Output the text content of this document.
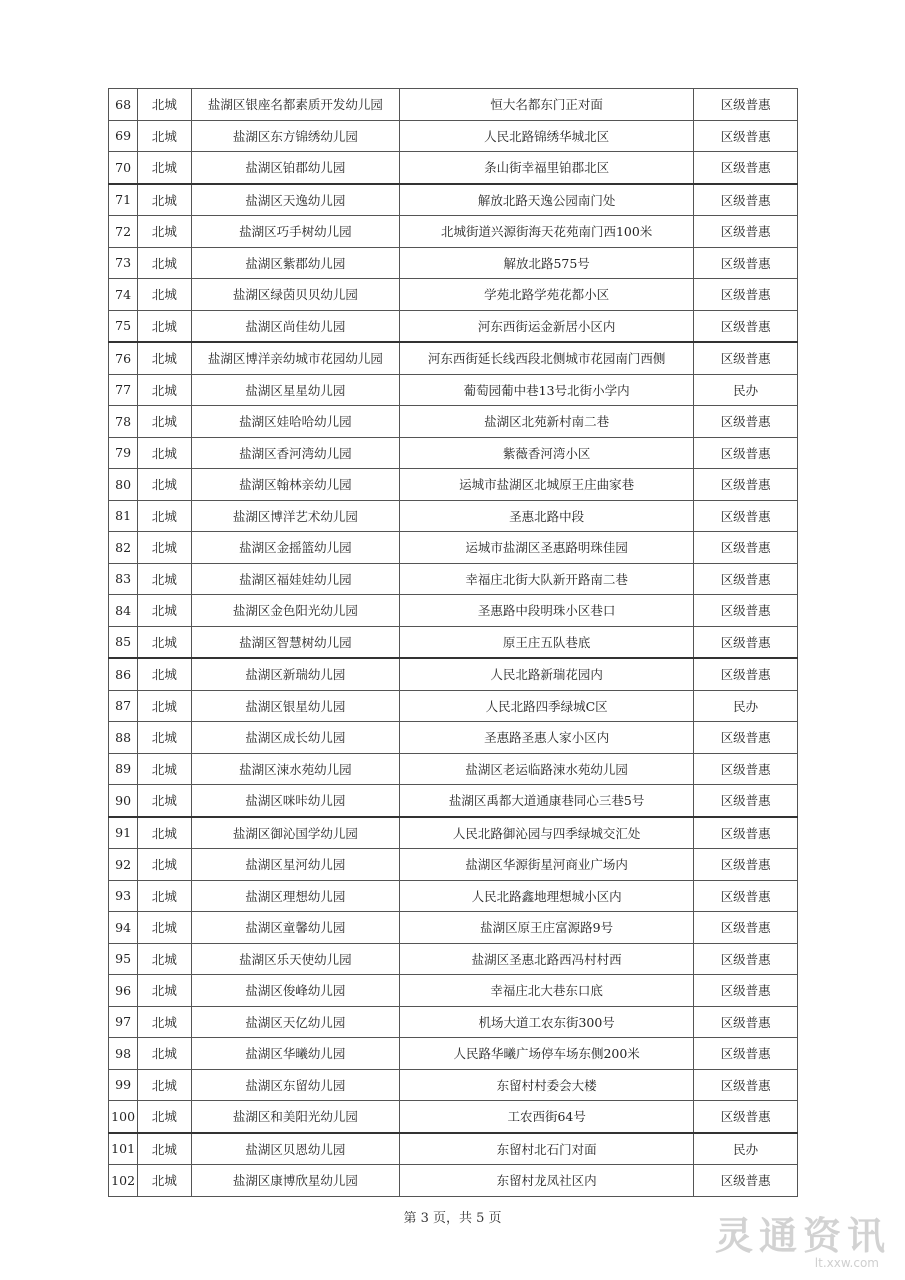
68	北城	盐湖区银座名都素质开发幼儿园	恒大名都东门正对面	区级普惠
69	北城	盐湖区东方锦绣幼儿园	人民北路锦绣华城北区	区级普惠
70	北城	盐湖区铂郡幼儿园	条山街幸福里铂郡北区	区级普惠
71	北城	盐湖区天逸幼儿园	解放北路天逸公园南门处	区级普惠
72	北城	盐湖区巧手树幼儿园	北城街道兴源街海天花苑南门西100米	区级普惠
73	北城	盐湖区紫郡幼儿园	解放北路575号	区级普惠
74	北城	盐湖区绿茵贝贝幼儿园	学苑北路学苑花都小区	区级普惠
75	北城	盐湖区尚佳幼儿园	河东西街运金新居小区内	区级普惠
76	北城	盐湖区博洋亲幼城市花园幼儿园	河东西街延长线西段北侧城市花园南门西侧	区级普惠
77	北城	盐湖区星星幼儿园	葡萄园葡中巷13号北街小学内	民办
78	北城	盐湖区娃哈哈幼儿园	盐湖区北苑新村南二巷	区级普惠
79	北城	盐湖区香河湾幼儿园	紫薇香河湾小区	区级普惠
80	北城	盐湖区翰林亲幼儿园	运城市盐湖区北城原王庄曲家巷	区级普惠
81	北城	盐湖区博洋艺术幼儿园	圣惠北路中段	区级普惠
82	北城	盐湖区金摇篮幼儿园	运城市盐湖区圣惠路明珠佳园	区级普惠
83	北城	盐湖区福娃娃幼儿园	幸福庄北街大队新开路南二巷	区级普惠
84	北城	盐湖区金色阳光幼儿园	圣惠路中段明珠小区巷口	区级普惠
85	北城	盐湖区智慧树幼儿园	原王庄五队巷底	区级普惠
86	北城	盐湖区新瑞幼儿园	人民北路新瑞花园内	区级普惠
87	北城	盐湖区银星幼儿园	人民北路四季绿城C区	民办
88	北城	盐湖区成长幼儿园	圣惠路圣惠人家小区内	区级普惠
89	北城	盐湖区涑水苑幼儿园	盐湖区老运临路涑水苑幼儿园	区级普惠
90	北城	盐湖区咪咔幼儿园	盐湖区禹都大道通康巷同心三巷5号	区级普惠
91	北城	盐湖区御沁国学幼儿园	人民北路御沁园与四季绿城交汇处	区级普惠
92	北城	盐湖区星河幼儿园	盐湖区华源街星河商业广场内	区级普惠
93	北城	盐湖区理想幼儿园	人民北路鑫地理想城小区内	区级普惠
94	北城	盐湖区童馨幼儿园	盐湖区原王庄富源路9号	区级普惠
95	北城	盐湖区乐天使幼儿园	盐湖区圣惠北路西冯村村西	区级普惠
96	北城	盐湖区俊峰幼儿园	幸福庄北大巷东口底	区级普惠
97	北城	盐湖区天亿幼儿园	机场大道工农东街300号	区级普惠
98	北城	盐湖区华曦幼儿园	人民路华曦广场停车场东侧200米	区级普惠
99	北城	盐湖区东留幼儿园	东留村村委会大楼	区级普惠
100	北城	盐湖区和美阳光幼儿园	工农西街64号	区级普惠
101	北城	盐湖区贝恩幼儿园	东留村北石门对面	民办
102	北城	盐湖区康博欣星幼儿园	东留村龙凤社区内	区级普惠
第 3 页，共 5 页	灵通资讯
lt.xxw.com
